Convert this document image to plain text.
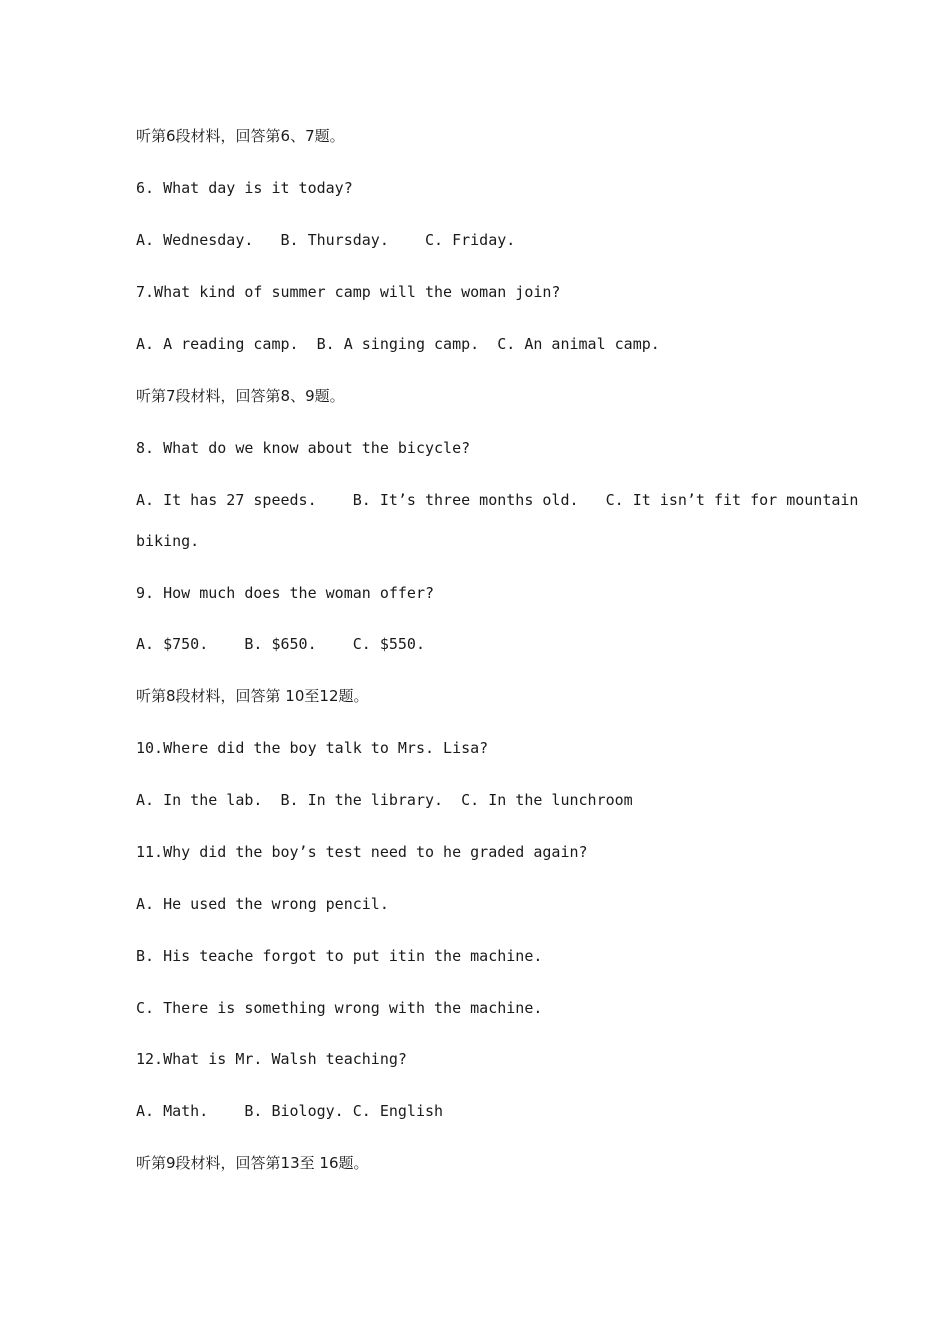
听第6段材料，回答第6、7题。
6. What day is it today?
A. Wednesday.   B. Thursday.    C. Friday.
7.What kind of summer camp will the woman join?
A. A reading camp.  B. A singing camp.  C. An animal camp.
听第7段材料，回答第8、9题。
8. What do we know about the bicycle?
A. It has 27 speeds.    B. It’s three months old.   C. It isn’t fit for mountain
biking.
9. How much does the woman offer?
A. $750.    B. $650.    C. $550.
听第8段材料，回答第 10至12题。
10.Where did the boy talk to Mrs. Lisa?
A. In the lab.  B. In the library.  C. In the lunchroom
11.Why did the boy’s test need to he graded again?
A. He used the wrong pencil.
B. His teache forgot to put itin the machine.
C. There is something wrong with the machine.
12.What is Mr. Walsh teaching?
A. Math.    B. Biology. C. English
听第9段材料，回答第13至 16题。
